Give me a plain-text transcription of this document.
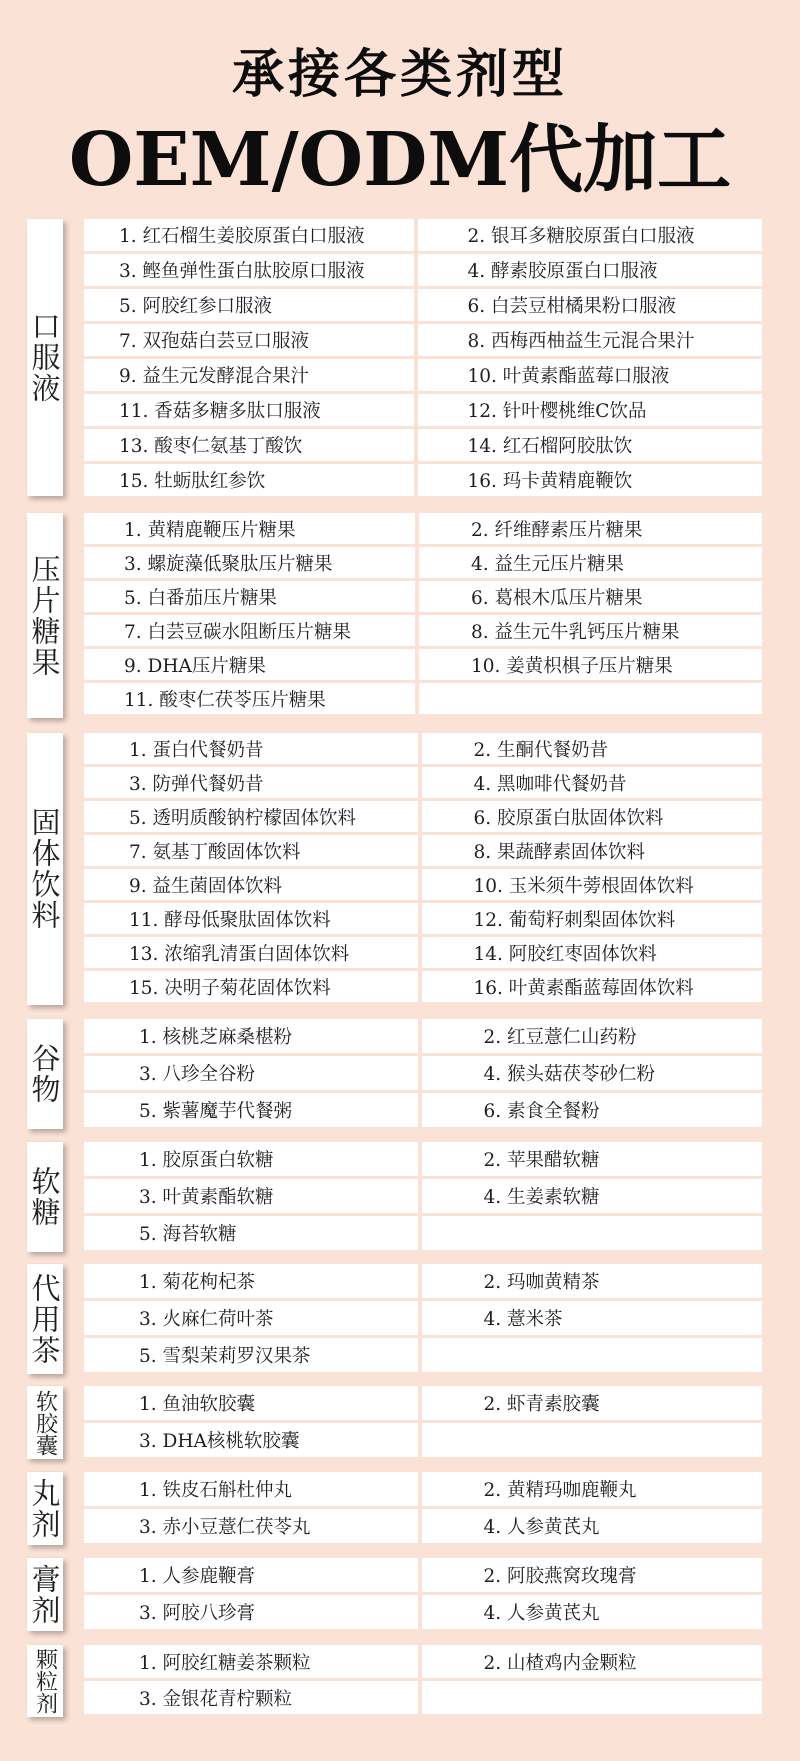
承接各类剂型
OEM/ODM代加工
口服液
1. 红石榴生姜胶原蛋白口服液	2. 银耳多糖胶原蛋白口服液
3. 鲣鱼弹性蛋白肽胶原口服液	4. 酵素胶原蛋白口服液
5. 阿胶红参口服液	6. 白芸豆柑橘果粉口服液
7. 双孢菇白芸豆口服液	8. 西梅西柚益生元混合果汁
9. 益生元发酵混合果汁	10. 叶黄素酯蓝莓口服液
11. 香菇多糖多肽口服液	12. 针叶樱桃维C饮品
13. 酸枣仁氨基丁酸饮	14. 红石榴阿胶肽饮
15. 牡蛎肽红参饮	16. 玛卡黄精鹿鞭饮
压片糖果
1. 黄精鹿鞭压片糖果	2. 纤维酵素压片糖果
3. 螺旋藻低聚肽压片糖果	4. 益生元压片糖果
5. 白番茄压片糖果	6. 葛根木瓜压片糖果
7. 白芸豆碳水阻断压片糖果	8. 益生元牛乳钙压片糖果
9. DHA压片糖果	10. 姜黄枳椇子压片糖果
11. 酸枣仁茯苓压片糖果
固体饮料
1. 蛋白代餐奶昔	2. 生酮代餐奶昔
3. 防弹代餐奶昔	4. 黑咖啡代餐奶昔
5. 透明质酸钠柠檬固体饮料	6. 胶原蛋白肽固体饮料
7. 氨基丁酸固体饮料	8. 果蔬酵素固体饮料
9. 益生菌固体饮料	10. 玉米须牛蒡根固体饮料
11. 酵母低聚肽固体饮料	12. 葡萄籽刺梨固体饮料
13. 浓缩乳清蛋白固体饮料	14. 阿胶红枣固体饮料
15. 决明子菊花固体饮料	16. 叶黄素酯蓝莓固体饮料
谷物
1. 核桃芝麻桑椹粉	2. 红豆薏仁山药粉
3. 八珍全谷粉	4. 猴头菇茯苓砂仁粉
5. 紫薯魔芋代餐粥	6. 素食全餐粉
软糖
1. 胶原蛋白软糖	2. 苹果醋软糖
3. 叶黄素酯软糖	4. 生姜素软糖
5. 海苔软糖
代用茶	1. 菊花枸杞茶	2. 玛咖黄精茶
3. 火麻仁荷叶茶	4. 薏米茶
5. 雪梨茉莉罗汉果茶
软胶囊	1. 鱼油软胶囊	2. 虾青素胶囊
3. DHA核桃软胶囊
丸剂	1. 铁皮石斛杜仲丸	2. 黄精玛咖鹿鞭丸
3. 赤小豆薏仁茯苓丸	4. 人参黄芪丸
膏剂	1. 人参鹿鞭膏	2. 阿胶燕窝玫瑰膏
3. 阿胶八珍膏	4. 人参黄芪丸
颗粒剂	1. 阿胶红糖姜茶颗粒	2. 山楂鸡内金颗粒
3. 金银花青柠颗粒
